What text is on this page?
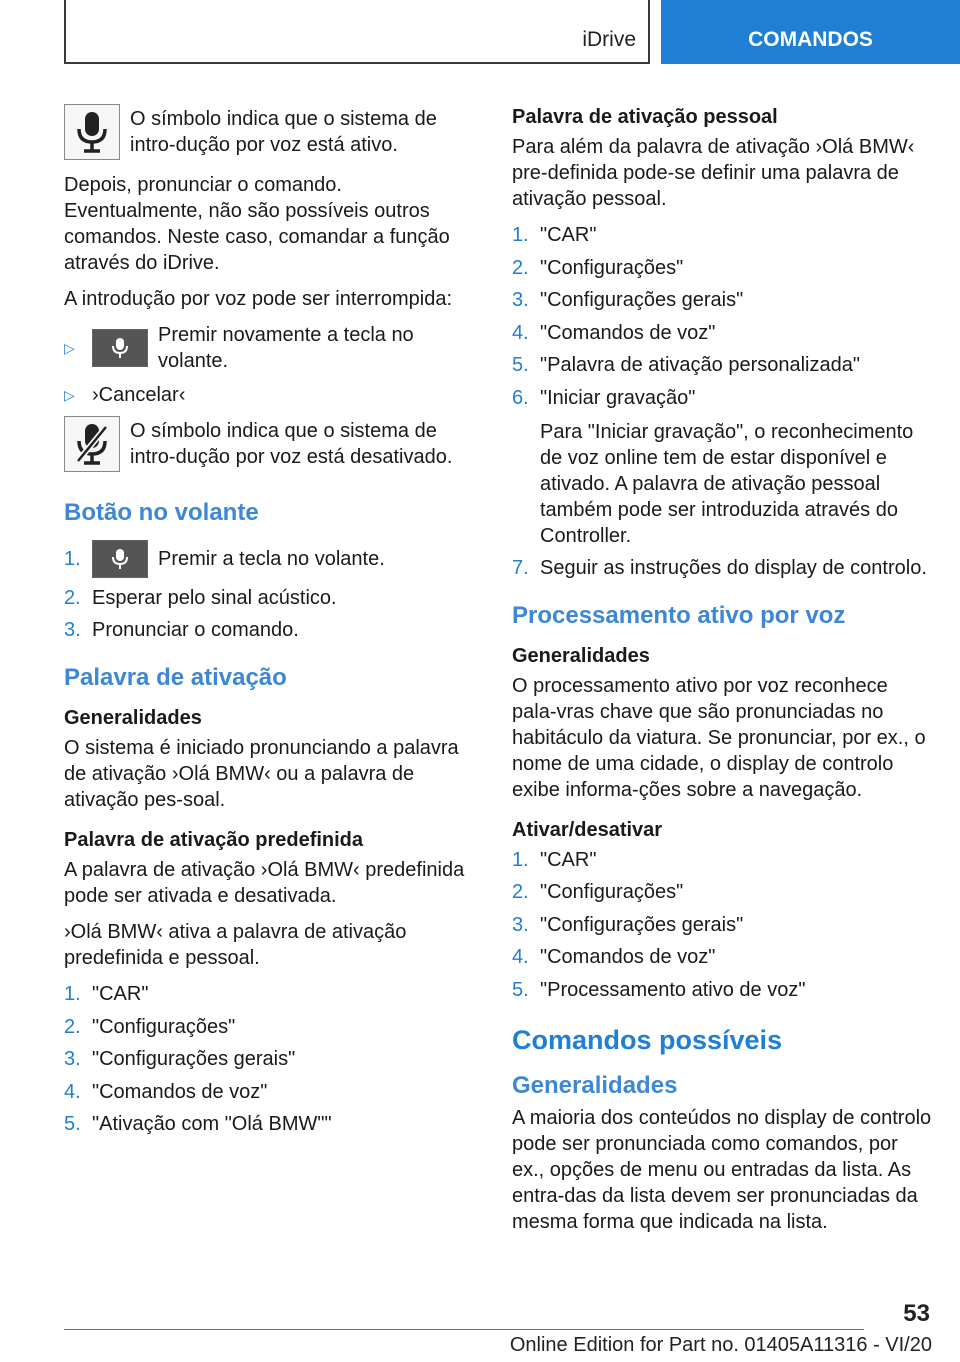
iDrive	COMANDOS
O símbolo indica que o sistema de intro-dução por voz está ativo.
Depois, pronunciar o comando. Eventualmente, não são possíveis outros comandos. Neste caso, comandar a função através do iDrive.
A introdução por voz pode ser interrompida:
▷
Premir novamente a tecla no volante.
▷ ›Cancelar‹
O símbolo indica que o sistema de intro-dução por voz está desativado.
Botão no volante
1.	Premir a tecla no volante.
2. Esperar pelo sinal acústico.
3. Pronunciar o comando.
Palavra de ativação
Generalidades
O sistema é iniciado pronunciando a palavra de ativação ›Olá BMW‹ ou a palavra de ativação pes-soal.
Palavra de ativação predefinida
A palavra de ativação ›Olá BMW‹ predefinida pode ser ativada e desativada.
›Olá BMW‹ ativa a palavra de ativação predefinida e pessoal.
1. "CAR"
2. "Configurações"
3. "Configurações gerais"
4. "Comandos de voz"
5. "Ativação com "Olá BMW""
Palavra de ativação pessoal
Para além da palavra de ativação ›Olá BMW‹ pre-definida pode-se definir uma palavra de ativação pessoal.
1. "CAR"
2. "Configurações"
3. "Configurações gerais"
4. "Comandos de voz"
5. "Palavra de ativação personalizada"
6. "Iniciar gravação"
Para "Iniciar gravação", o reconhecimento de voz online tem de estar disponível e ativado. A palavra de ativação pessoal também pode ser introduzida através do Controller.
7. Seguir as instruções do display de controlo.
Processamento ativo por voz
Generalidades
O processamento ativo por voz reconhece pala-vras chave que são pronunciadas no habitáculo da viatura. Se pronunciar, por ex., o nome de uma cidade, o display de controlo exibe informa-ções sobre a navegação.
Ativar/desativar
1. "CAR"
2. "Configurações"
3. "Configurações gerais"
4. "Comandos de voz"
5. "Processamento ativo de voz"
Comandos possíveis
Generalidades
A maioria dos conteúdos no display de controlo pode ser pronunciada como comandos, por ex., opções de menu ou entradas da lista. As entra-das da lista devem ser pronunciadas da mesma forma que indicada na lista.
53
Online Edition for Part no. 01405A11316 - VI/20
